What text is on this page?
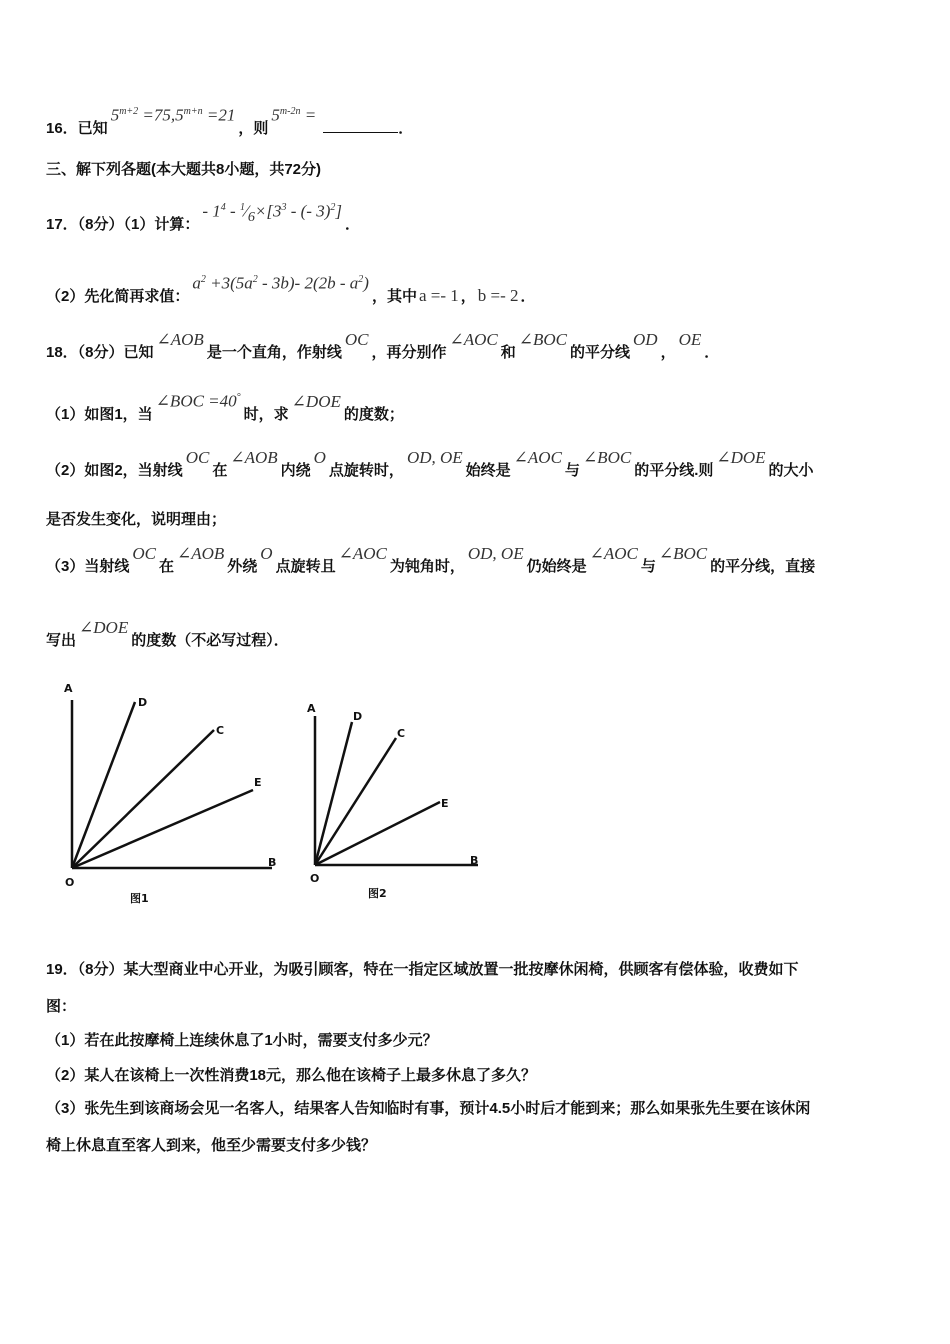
16．已知$5^{m+2} =75,5^{m+n} =21$，则$5^{m-2n}$ =．
三、解下列各题(本大题共8小题，共72分)
17．（8分）（1）计算：- $1^4$ - $^1⁄_6\times[3^3$ - (- 3)$^2$]．
（2）先化简再求值：$a^2 +3(5a^2 - 3b)-$ $2(2b - a^2)$，其中 a =- 1 ， b =- 2 ．
18．（8分）已知∠AOB是一个直角，作射线OC，再分别作∠AOC和∠BOC的平分线OD，OE．
（1）如图1，当∠BOC =40°时，求∠DOE的度数；
（2）如图2，当射线OC在∠AOB内绕O点旋转时，OD, OE始终是∠AOC与∠BOC的平分线.则∠DOE的大小
是否发生变化，说明理由；
（3）当射线OC在∠AOB外绕O点旋转且∠AOC为钝角时，OD, OE仍始终是∠AOC与∠BOC的平分线，直接
写出∠DOE的度数（不必写过程）．
19．（8分）某大型商业中心开业，为吸引顾客，特在一指定区域放置一批按摩休闲椅，供顾客有偿体验，收费如下
图：
（1）若在此按摩椅上连续休息了1小时，需要支付多少元？
（2）某人在该椅上一次性消费18元，那么他在该椅子上最多休息了多久？
（3）张先生到该商场会见一名客人，结果客人告知临时有事，预计4.5小时后才能到来；那么如果张先生要在该休闲
椅上休息直至客人到来，他至少需要支付多少钱？
A
D
C
E
B
O
图1
A
D
C
E
B
O
图2
